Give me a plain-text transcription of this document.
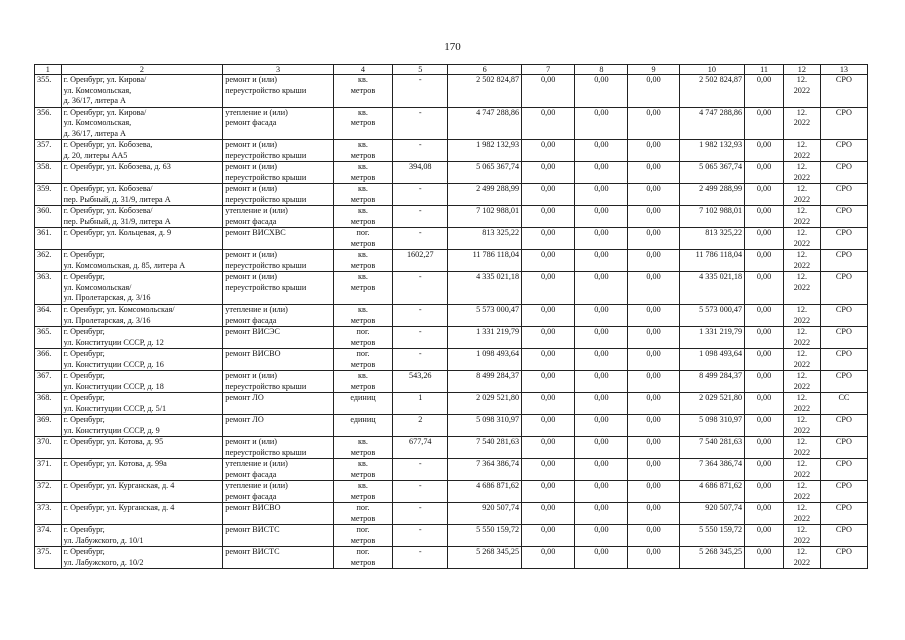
170
1	2	3	4	5	6	7	8	9	10	11	12	13
355.	г. Оренбург, ул. Кирова/
ул. Комсомольская,
д. 36/17, литера А	ремонт и (или)
переустройство крыши	кв.
метров	-	2 502 824,87	0,00	0,00	0,00	2 502 824,87	0,00	12.
2022	СРО
356.	г. Оренбург, ул. Кирова/
ул. Комсомольская,
д. 36/17, литера А	утепление и (или)
ремонт фасада	кв.
метров	-	4 747 288,86	0,00	0,00	0,00	4 747 288,86	0,00	12.
2022	СРО
357.	г. Оренбург, ул. Кобозева,
д. 20, литеры АА5	ремонт и (или)
переустройство крыши	кв.
метров	-	1 982 132,93	0,00	0,00	0,00	1 982 132,93	0,00	12.
2022	СРО
358.	г. Оренбург, ул. Кобозева, д. 63	ремонт и (или)
переустройство крыши	кв.
метров	394,08	5 065 367,74	0,00	0,00	0,00	5 065 367,74	0,00	12.
2022	СРО
359.	г. Оренбург, ул. Кобозева/
пер. Рыбный, д. 31/9, литера А	ремонт и (или)
переустройство крыши	кв.
метров	-	2 499 288,99	0,00	0,00	0,00	2 499 288,99	0,00	12.
2022	СРО
360.	г. Оренбург, ул. Кобозева/
пер. Рыбный, д. 31/9, литера А	утепление и (или)
ремонт фасада	кв.
метров	-	7 102 988,01	0,00	0,00	0,00	7 102 988,01	0,00	12.
2022	СРО
361.	г. Оренбург, ул. Кольцевая, д. 9	ремонт ВИСХВС	пог.
метров	-	813 325,22	0,00	0,00	0,00	813 325,22	0,00	12.
2022	СРО
362.	г. Оренбург,
ул. Комсомольская, д. 85, литера А	ремонт и (или)
переустройство крыши	кв.
метров	1602,27	11 786 118,04	0,00	0,00	0,00	11 786 118,04	0,00	12.
2022	СРО
363.	г. Оренбург,
ул. Комсомольская/
ул. Пролетарская, д. 3/16	ремонт и (или)
переустройство крыши	кв.
метров	-	4 335 021,18	0,00	0,00	0,00	4 335 021,18	0,00	12.
2022	СРО
364.	г. Оренбург, ул. Комсомольская/
ул. Пролетарская, д. 3/16	утепление и (или)
ремонт фасада	кв.
метров	-	5 573 000,47	0,00	0,00	0,00	5 573 000,47	0,00	12.
2022	СРО
365.	г. Оренбург,
ул. Конституции СССР, д. 12	ремонт ВИСЭС	пог.
метров	-	1 331 219,79	0,00	0,00	0,00	1 331 219,79	0,00	12.
2022	СРО
366.	г. Оренбург,
ул. Конституции СССР, д. 16	ремонт ВИСВО	пог.
метров	-	1 098 493,64	0,00	0,00	0,00	1 098 493,64	0,00	12.
2022	СРО
367.	г. Оренбург,
ул. Конституции СССР, д. 18	ремонт и (или)
переустройство крыши	кв.
метров	543,26	8 499 284,37	0,00	0,00	0,00	8 499 284,37	0,00	12.
2022	СРО
368.	г. Оренбург,
ул. Конституции СССР, д. 5/1	ремонт ЛО	единиц	1	2 029 521,80	0,00	0,00	0,00	2 029 521,80	0,00	12.
2022	СС
369.	г. Оренбург,
ул. Конституции СССР, д. 9	ремонт ЛО	единиц	2	5 098 310,97	0,00	0,00	0,00	5 098 310,97	0,00	12.
2022	СРО
370.	г. Оренбург, ул. Котова, д. 95	ремонт и (или)
переустройство крыши	кв.
метров	677,74	7 540 281,63	0,00	0,00	0,00	7 540 281,63	0,00	12.
2022	СРО
371.	г. Оренбург, ул. Котова, д. 99а	утепление и (или)
ремонт фасада	кв.
метров	-	7 364 386,74	0,00	0,00	0,00	7 364 386,74	0,00	12.
2022	СРО
372.	г. Оренбург, ул. Курганская, д. 4	утепление и (или)
ремонт фасада	кв.
метров	-	4 686 871,62	0,00	0,00	0,00	4 686 871,62	0,00	12.
2022	СРО
373.	г. Оренбург, ул. Курганская, д. 4	ремонт ВИСВО	пог.
метров	-	920 507,74	0,00	0,00	0,00	920 507,74	0,00	12.
2022	СРО
374.	г. Оренбург,
ул. Лабужского, д. 10/1	ремонт ВИСТС	пог.
метров	-	5 550 159,72	0,00	0,00	0,00	5 550 159,72	0,00	12.
2022	СРО
375.	г. Оренбург,
ул. Лабужского, д. 10/2	ремонт ВИСТС	пог.
метров	-	5 268 345,25	0,00	0,00	0,00	5 268 345,25	0,00	12.
2022	СРО
